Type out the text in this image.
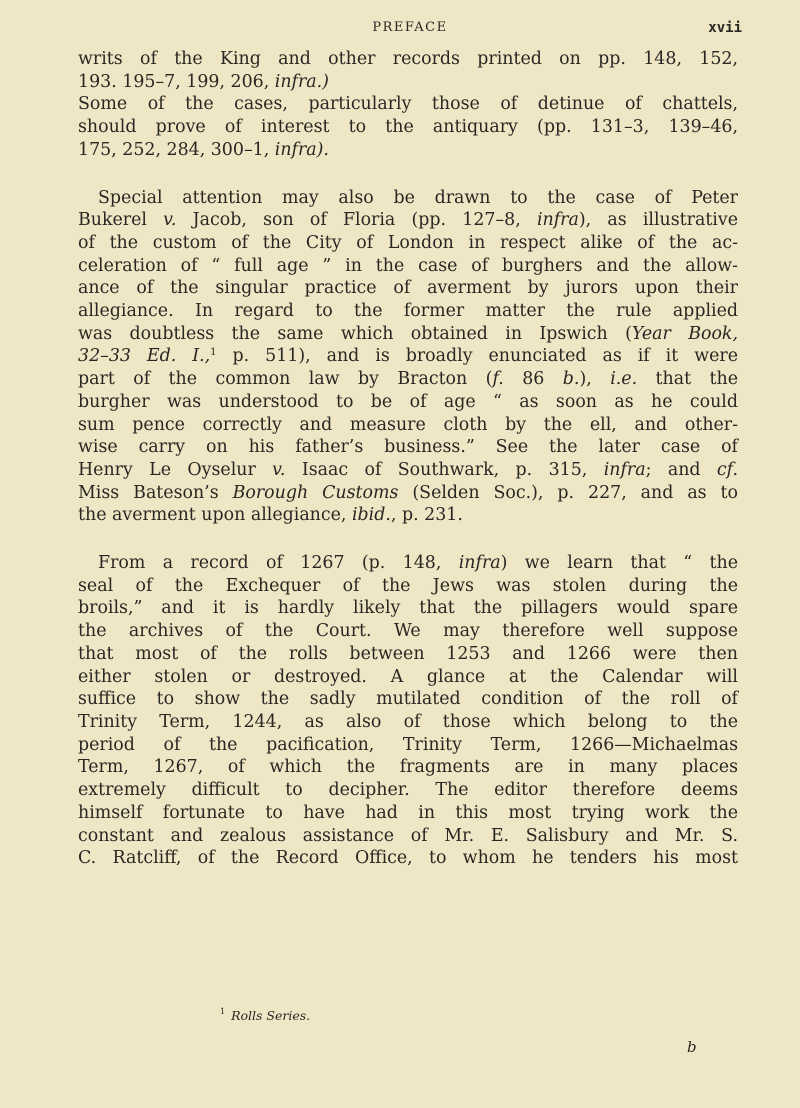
PREFACE	xvii

writs of the King and other records printed on pp. 148, 152,
193. 195–7, 199, 206, infra.)
Some of the cases, particularly those of detinue of chattels,
should prove of interest to the antiquary (pp. 131–3, 139–46,
175, 252, 284, 300–1, infra).

Special attention may also be drawn to the case of Peter
Bukerel v. Jacob, son of Floria (pp. 127–8, infra), as illustrative
of the custom of the City of London in respect alike of the ac-
celeration of “ full age ” in the case of burghers and the allow-
ance of the singular practice of averment by jurors upon their
allegiance. In regard to the former matter the rule applied
was doubtless the same which obtained in Ipswich (Year Book,
32–33 Ed. I.,$^1$ p. 511), and is broadly enunciated as if it were
part of the common law by Bracton (f. 86 b.), i.e. that the
burgher was understood to be of age “ as soon as he could
sum pence correctly and measure cloth by the ell, and other-
wise carry on his father’s business.” See the later case of
Henry Le Oyselur v. Isaac of Southwark, p. 315, infra; and cf.
Miss Bateson’s Borough Customs (Selden Soc.), p. 227, and as to
the averment upon allegiance, ibid., p. 231.

From a record of 1267 (p. 148, infra) we learn that “ the
seal of the Exchequer of the Jews was stolen during the
broils,” and it is hardly likely that the pillagers would spare
the archives of the Court. We may therefore well suppose
that most of the rolls between 1253 and 1266 were then
either stolen or destroyed. A glance at the Calendar will
suffice to show the sadly mutilated condition of the roll of
Trinity Term, 1244, as also of those which belong to the
period of the pacification, Trinity Term, 1266—Michaelmas
Term, 1267, of which the fragments are in many places
extremely difficult to decipher. The editor therefore deems
himself fortunate to have had in this most trying work the
constant and zealous assistance of Mr. E. Salisbury and Mr. S.
C. Ratcliff, of the Record Office, to whom he tenders his most

$^1$ Rolls Series.
b
